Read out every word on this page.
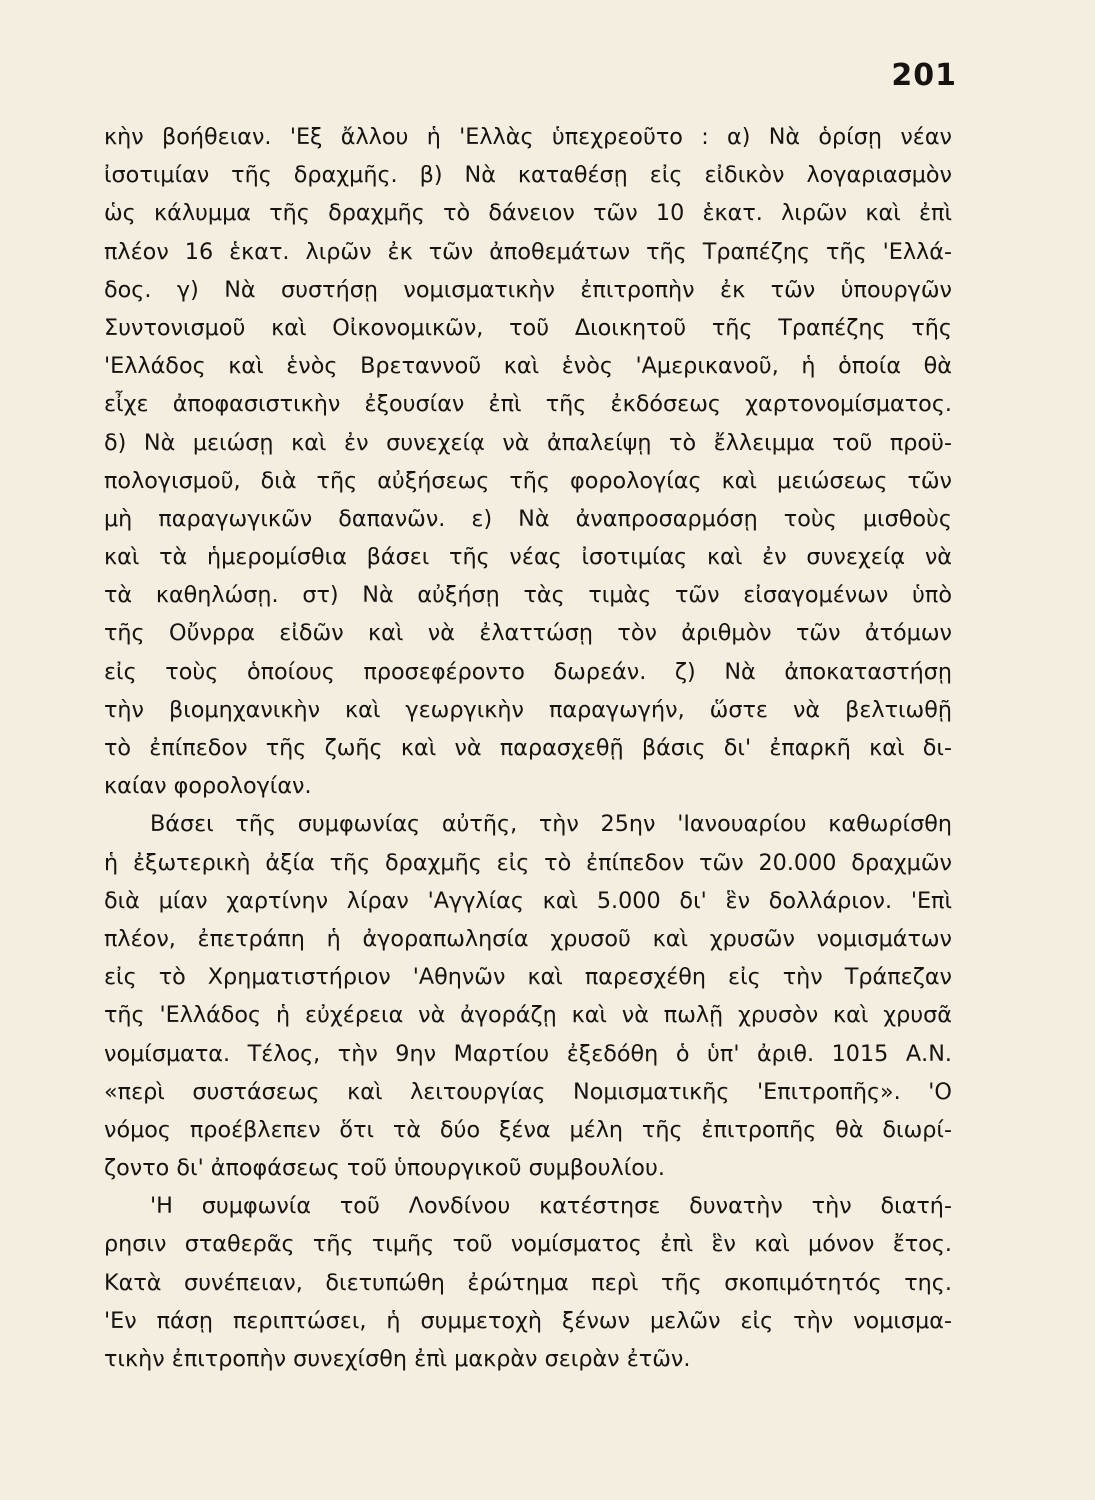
201
κὴν βοήθειαν. 'Εξ ἄλλου ἡ 'Ελλὰς ὑπεχρεοῦτο : α) Νὰ ὁρίσῃ νέαν
ἰσοτιμίαν τῆς δραχμῆς. β) Νὰ καταθέσῃ εἰς εἰδικὸν λογαριασμὸν
ὡς κάλυμμα τῆς δραχμῆς τὸ δάνειον τῶν 10 ἑκατ. λιρῶν καὶ ἐπὶ
πλέον 16 ἑκατ. λιρῶν ἐκ τῶν ἀποθεμάτων τῆς Τραπέζης τῆς 'Ελλά-
δος. γ) Νὰ συστήσῃ νομισματικὴν ἐπιτροπὴν ἐκ τῶν ὑπουργῶν
Συντονισμοῦ καὶ Οἰκονομικῶν, τοῦ Διοικητοῦ τῆς Τραπέζης τῆς
'Ελλάδος καὶ ἑνὸς Βρεταννοῦ καὶ ἑνὸς 'Αμερικανοῦ, ἡ ὁποία θὰ
εἶχε ἀποφασιστικὴν ἐξουσίαν ἐπὶ τῆς ἐκδόσεως χαρτονομίσματος.
δ) Νὰ μειώσῃ καὶ ἐν συνεχείᾳ νὰ ἀπαλείψῃ τὸ ἔλλειμμα τοῦ προϋ-
πολογισμοῦ, διὰ τῆς αὐξήσεως τῆς φορολογίας καὶ μειώσεως τῶν
μὴ παραγωγικῶν δαπανῶν. ε) Νὰ ἀναπροσαρμόσῃ τοὺς μισθοὺς
καὶ τὰ ἡμερομίσθια βάσει τῆς νέας ἰσοτιμίας καὶ ἐν συνεχείᾳ νὰ
τὰ καθηλώσῃ. στ) Νὰ αὐξήσῃ τὰς τιμὰς τῶν εἰσαγομένων ὑπὸ
τῆς Οὔνρρα εἰδῶν καὶ νὰ ἐλαττώσῃ τὸν ἀριθμὸν τῶν ἀτόμων
εἰς τοὺς ὁποίους προσεφέροντο δωρεάν. ζ) Νὰ ἀποκαταστήσῃ
τὴν βιομηχανικὴν καὶ γεωργικὴν παραγωγήν, ὥστε νὰ βελτιωθῇ
τὸ ἐπίπεδον τῆς ζωῆς καὶ νὰ παρασχεθῇ βάσις δι' ἐπαρκῆ καὶ δι-
καίαν φορολογίαν.
Βάσει τῆς συμφωνίας αὐτῆς, τὴν 25ην 'Ιανουαρίου καθωρίσθη
ἡ ἐξωτερικὴ ἀξία τῆς δραχμῆς εἰς τὸ ἐπίπεδον τῶν 20.000 δραχμῶν
διὰ μίαν χαρτίνην λίραν 'Αγγλίας καὶ 5.000 δι' ἓν δολλάριον. 'Επὶ
πλέον, ἐπετράπη ἡ ἀγοραπωλησία χρυσοῦ καὶ χρυσῶν νομισμάτων
εἰς τὸ Χρηματιστήριον 'Αθηνῶν καὶ παρεσχέθη εἰς τὴν Τράπεζαν
τῆς 'Ελλάδος ἡ εὐχέρεια νὰ ἀγοράζῃ καὶ νὰ πωλῇ χρυσὸν καὶ χρυσᾶ
νομίσματα. Τέλος, τὴν 9ην Μαρτίου ἐξεδόθη ὁ ὑπ' ἀριθ. 1015 Α.Ν.
«περὶ συστάσεως καὶ λειτουργίας Νομισματικῆς 'Επιτροπῆς». 'Ο
νόμος προέβλεπεν ὅτι τὰ δύο ξένα μέλη τῆς ἐπιτροπῆς θὰ διωρί-
ζοντο δι' ἀποφάσεως τοῦ ὑπουργικοῦ συμβουλίου.
'Η συμφωνία τοῦ Λονδίνου κατέστησε δυνατὴν τὴν διατή-
ρησιν σταθερᾶς τῆς τιμῆς τοῦ νομίσματος ἐπὶ ἓν καὶ μόνον ἔτος.
Κατὰ συνέπειαν, διετυπώθη ἐρώτημα περὶ τῆς σκοπιμότητός της.
'Εν πάσῃ περιπτώσει, ἡ συμμετοχὴ ξένων μελῶν εἰς τὴν νομισμα-
τικὴν ἐπιτροπὴν συνεχίσθη ἐπὶ μακρὰν σειρὰν ἐτῶν.
